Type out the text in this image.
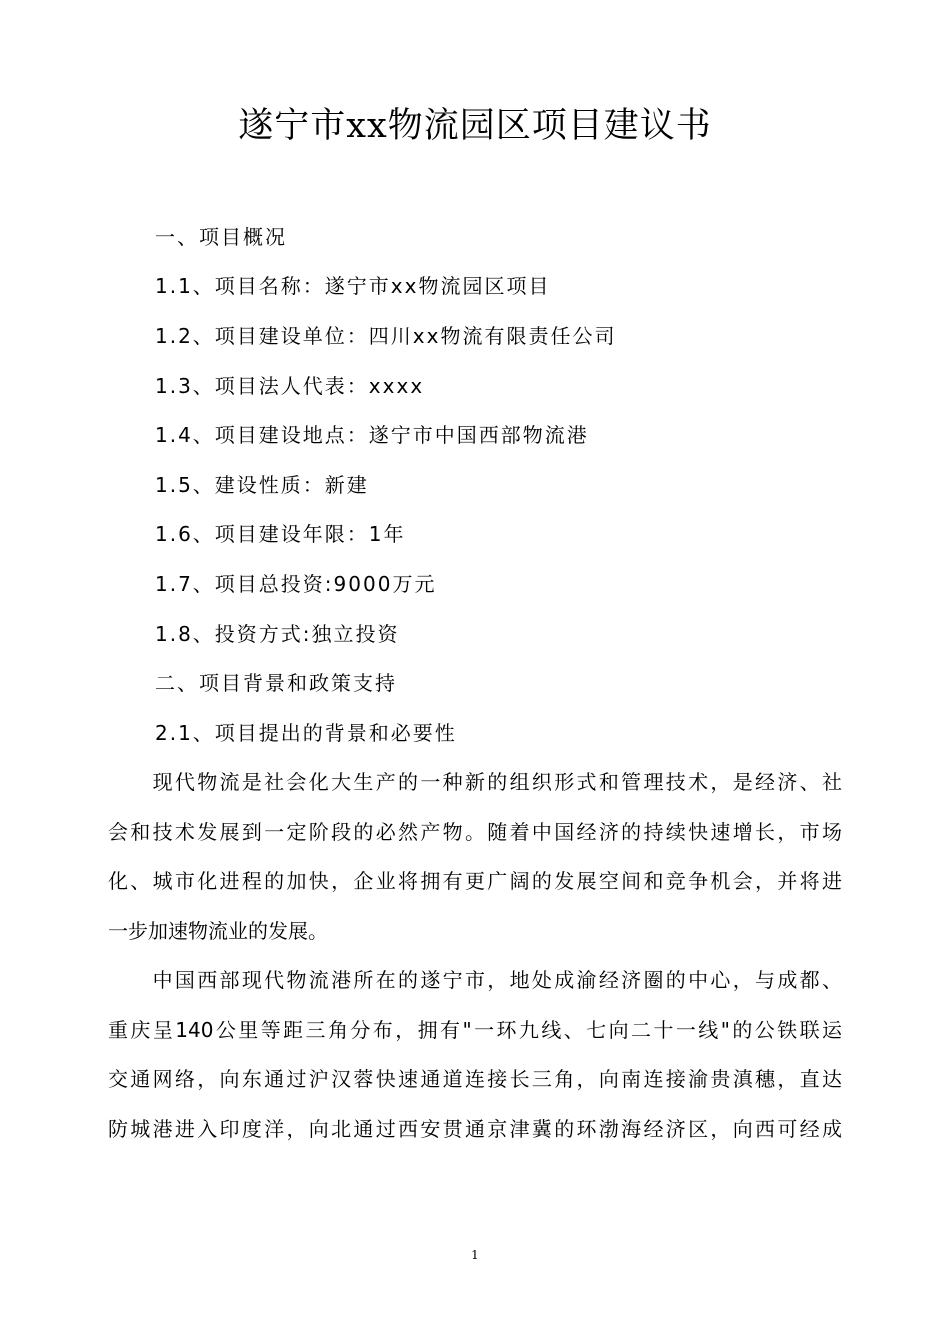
遂宁市xx物流园区项目建议书
一、项目概况
1.1、项目名称：遂宁市xx物流园区项目
1.2、项目建设单位：四川xx物流有限责任公司
1.3、项目法人代表：xxxx
1.4、项目建设地点：遂宁市中国西部物流港
1.5、建设性质：新建
1.6、项目建设年限：1年
1.7、项目总投资:9000万元
1.8、投资方式:独立投资
二、项目背景和政策支持
2.1、项目提出的背景和必要性
　　现代物流是社会化大生产的一种新的组织形式和管理技术，是经济、社
会和技术发展到一定阶段的必然产物。随着中国经济的持续快速增长，市场
化、城市化进程的加快，企业将拥有更广阔的发展空间和竞争机会，并将进
一步加速物流业的发展。
　　中国西部现代物流港所在的遂宁市，地处成渝经济圈的中心，与成都、
重庆呈140公里等距三角分布，拥有"一环九线、七向二十一线"的公铁联运
交通网络，向东通过沪汉蓉快速通道连接长三角，向南连接渝贵滇穗，直达
防城港进入印度洋，向北通过西安贯通京津冀的环渤海经济区，向西可经成
1
